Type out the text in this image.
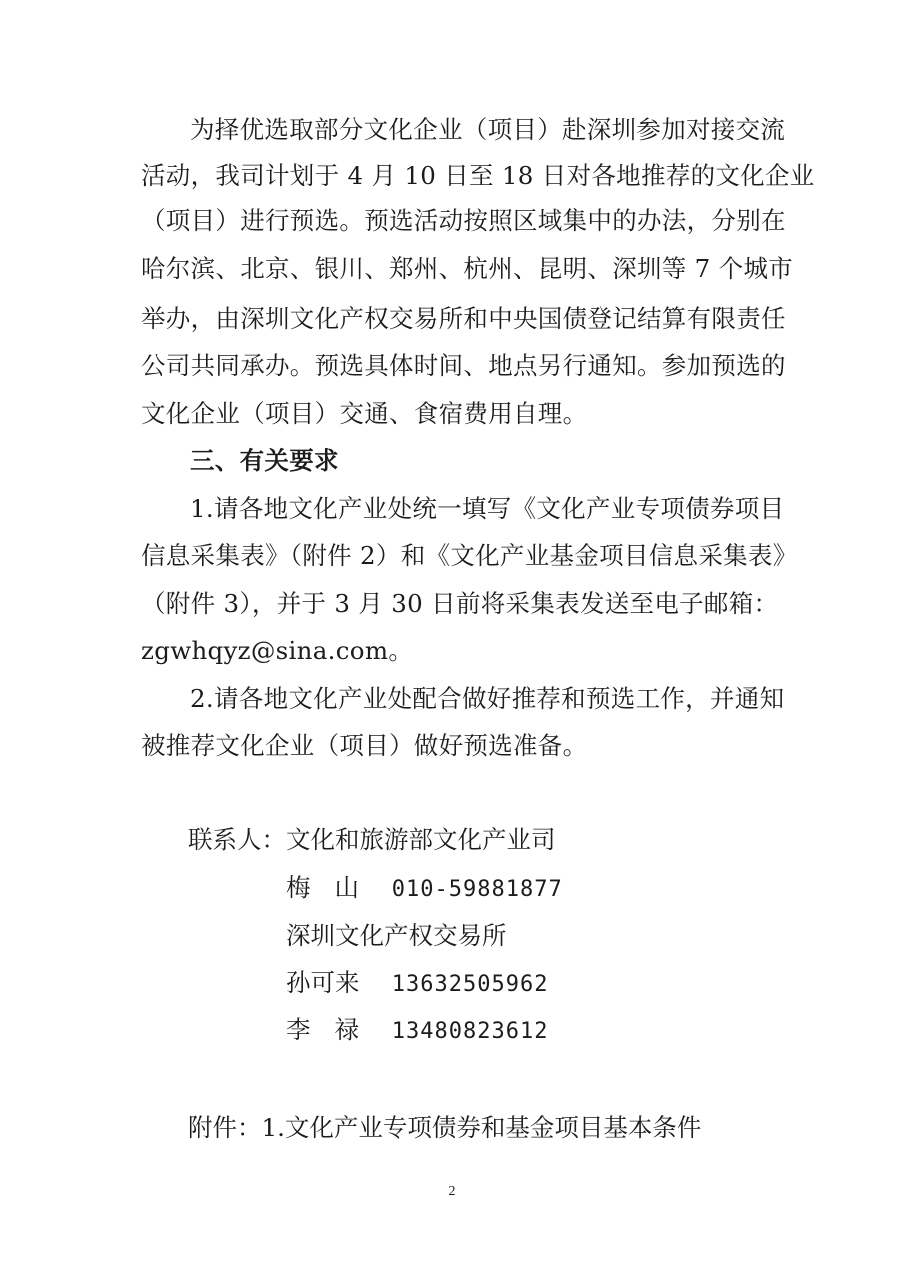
为择优选取部分文化企业（项目）赴深圳参加对接交流
活动，我司计划于 4 月 10 日至 18 日对各地推荐的文化企业
（项目）进行预选。预选活动按照区域集中的办法，分别在
哈尔滨、北京、银川、郑州、杭州、昆明、深圳等 7 个城市
举办，由深圳文化产权交易所和中央国债登记结算有限责任
公司共同承办。预选具体时间、地点另行通知。参加预选的
文化企业（项目）交通、食宿费用自理。
三、有关要求
1.请各地文化产业处统一填写《文化产业专项债券项目
信息采集表》（附件 2）和《文化产业基金项目信息采集表》
（附件 3），并于 3 月 30 日前将采集表发送至电子邮箱：
zgwhqyz@sina.com。
2.请各地文化产业处配合做好推荐和预选工作，并通知
被推荐文化企业（项目）做好预选准备。
联系人： 文化和旅游部文化产业司
梅山 010-59881877
深圳文化产权交易所
孙可来 13632505962
李禄 13480823612
附件：1.文化产业专项债券和基金项目基本条件
2
